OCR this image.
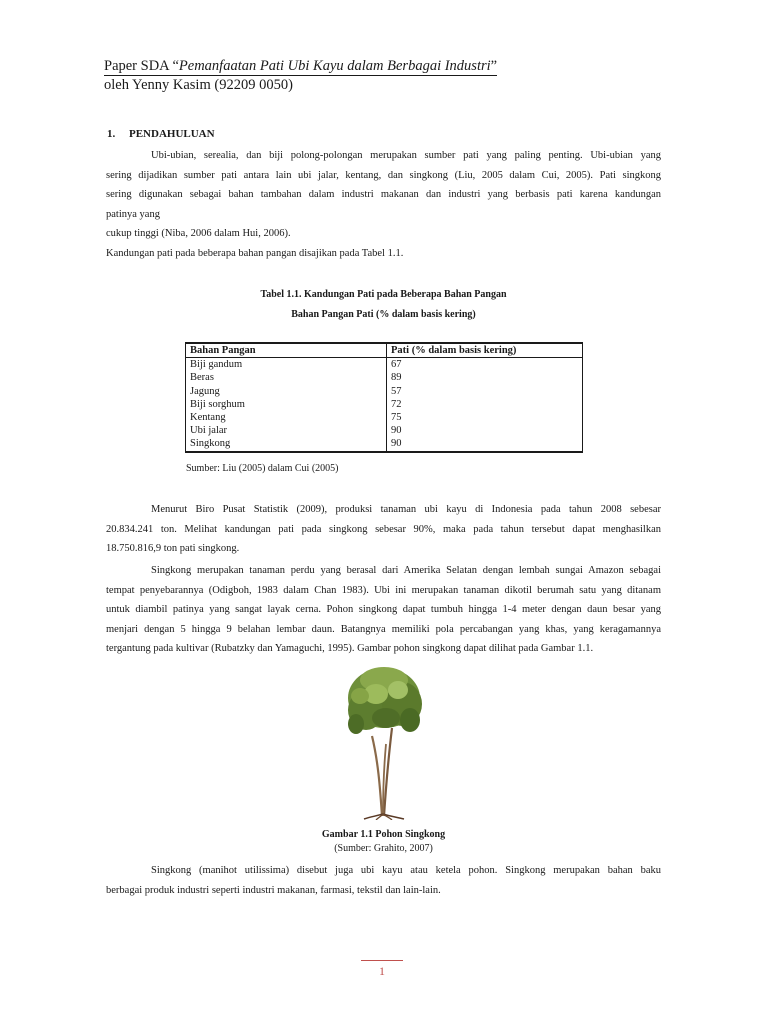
Paper SDA “Pemanfaatan Pati Ubi Kayu dalam Berbagai Industri”
oleh Yenny Kasim (92209 0050)
1. PENDAHULUAN
Ubi-ubian, serealia, dan biji polong-polongan merupakan sumber pati yang paling penting. Ubi-ubian yang
sering dijadikan sumber pati antara lain ubi jalar, kentang, dan singkong (Liu, 2005 dalam Cui, 2005). Pati singkong
sering digunakan sebagai bahan tambahan dalam industri makanan dan industri yang berbasis pati karena kandungan
patinya yang
cukup tinggi (Niba, 2006 dalam Hui, 2006).
Kandungan pati pada beberapa bahan pangan disajikan pada Tabel 1.1.
Tabel 1.1. Kandungan Pati pada Beberapa Bahan Pangan
Bahan Pangan Pati (% dalam basis kering)
Bahan Pangan	Pati (% dalam basis kering)
Biji gandum	67
Beras	89
Jagung	57
Biji sorghum	72
Kentang	75
Ubi jalar	90
Singkong	90
Sumber: Liu (2005) dalam Cui (2005)
Menurut Biro Pusat Statistik (2009), produksi tanaman ubi kayu di Indonesia pada tahun 2008 sebesar
20.834.241 ton. Melihat kandungan pati pada singkong sebesar 90%, maka pada tahun tersebut dapat menghasilkan
18.750.816,9 ton pati singkong.
Singkong merupakan tanaman perdu yang berasal dari Amerika Selatan dengan lembah sungai Amazon sebagai
tempat penyebarannya (Odigboh, 1983 dalam Chan 1983). Ubi ini merupakan tanaman dikotil berumah satu yang ditanam
untuk diambil patinya yang sangat layak cerna. Pohon singkong dapat tumbuh hingga 1-4 meter dengan daun besar yang
menjari dengan 5 hingga 9 belahan lembar daun. Batangnya memiliki pola percabangan yang khas, yang keragamannya
tergantung pada kultivar (Rubatzky dan Yamaguchi, 1995). Gambar pohon singkong dapat dilihat pada Gambar 1.1.
Gambar 1.1 Pohon Singkong
(Sumber: Grahito, 2007)
Singkong (manihot utilissima) disebut juga ubi kayu atau ketela pohon. Singkong merupakan bahan baku
berbagai produk industri seperti industri makanan, farmasi, tekstil dan lain-lain.
1
